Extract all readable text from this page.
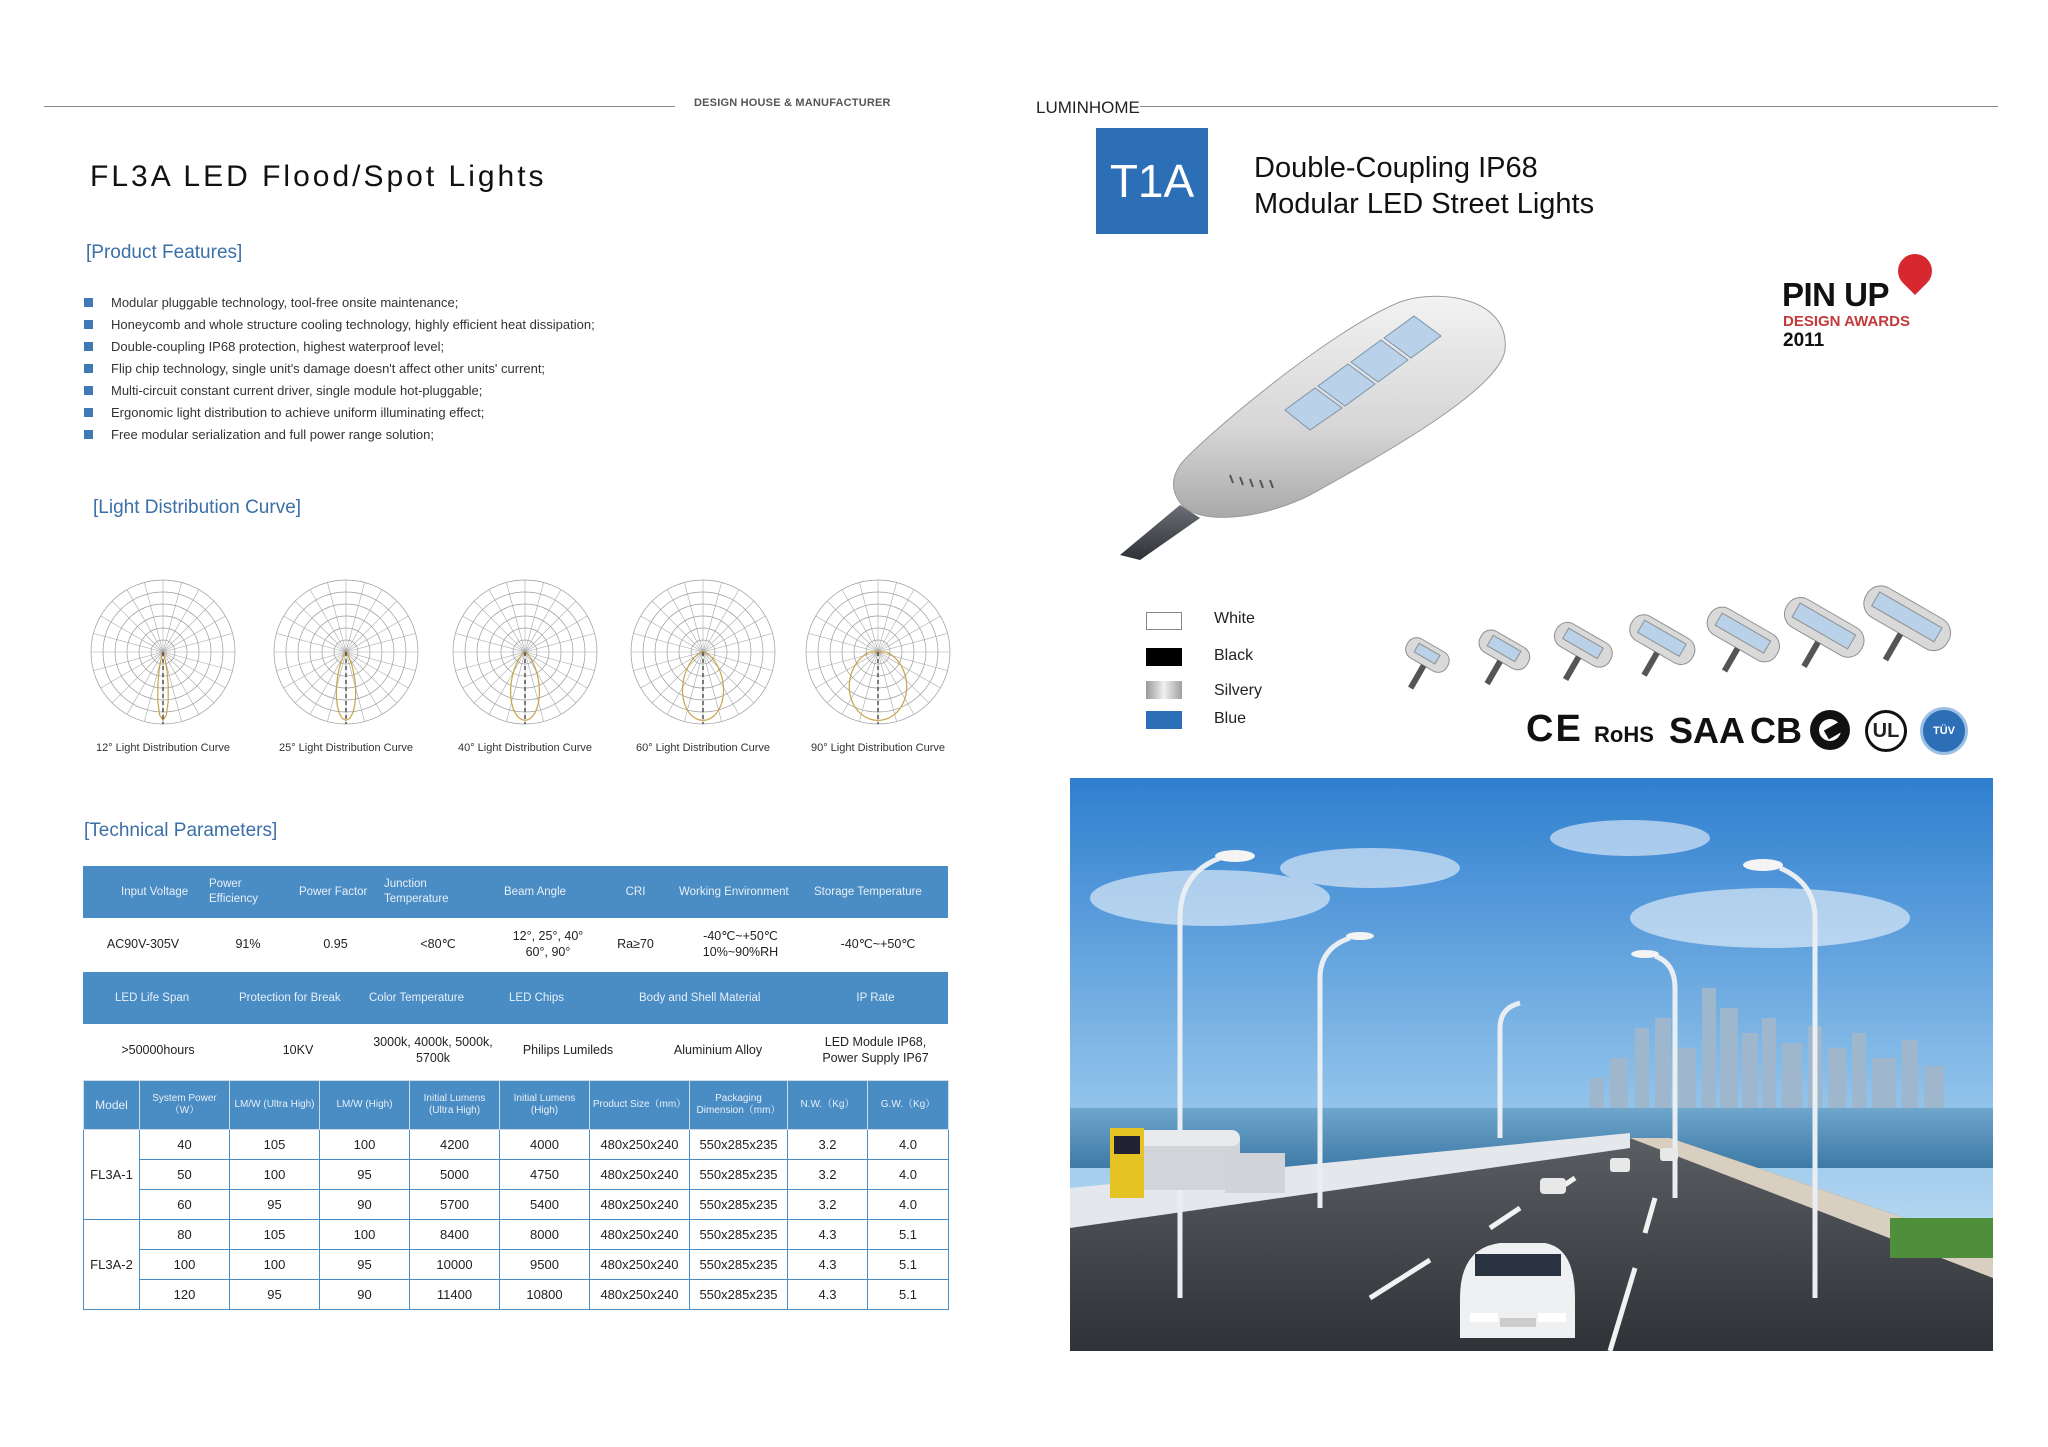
DESIGN HOUSE & MANUFACTURER
FL3A LED Flood/Spot Lights
[Product Features]
Modular pluggable technology, tool-free onsite maintenance;
Honeycomb and whole structure cooling technology, highly efficient heat dissipation;
Double-coupling IP68 protection, highest waterproof level;
Flip chip technology, single unit's damage doesn't affect other units' current;
Multi-circuit constant current driver, single module hot-pluggable;
Ergonomic light distribution to achieve uniform illuminating effect;
Free modular serialization and full power range solution;
[Light Distribution Curve]
12° Light Distribution Curve	25° Light Distribution Curve	40° Light Distribution Curve	60° Light Distribution Curve	90° Light Distribution Curve
[Technical Parameters]
Input Voltage	Power Efficiency	Power Factor	Junction Temperature	Beam Angle	CRI	Working Environment	Storage Temperature
AC90V-305V	91%	0.95	<80℃	12°, 25°, 40° 60°, 90°	Ra≥70	-40℃~+50℃ 10%~90%RH	-40℃~+50℃
LED Life Span	Protection for Break	Color Temperature	LED Chips	Body and Shell Material	IP Rate
>50000hours	10KV	3000k, 4000k, 5000k, 5700k	Philips Lumileds	Aluminium Alloy	LED Module IP68, Power Supply IP67
Model	System Power（W）	LM/W (Ultra High)	LM/W (High)	Initial Lumens (Ultra High)	Initial Lumens (High)	Product Size（mm）	Packaging Dimension（mm）	N.W.（Kg）	G.W.（Kg）
FL3A-1	40	105	100	4200	4000	480x250x240	550x285x235	3.2	4.0
	50	100	95	5000	4750	480x250x240	550x285x235	3.2	4.0
	60	95	90	5700	5400	480x250x240	550x285x235	3.2	4.0
FL3A-2	80	105	100	8400	8000	480x250x240	550x285x235	4.3	5.1
	100	100	95	10000	9500	480x250x240	550x285x235	4.3	5.1
	120	95	90	11400	10800	480x250x240	550x285x235	4.3	5.1
LUMINHOME
T1A	Double-Coupling IP68
Modular LED Street Lights
PIN UP
DESIGN AWARDS
2011
White
Black
Silvery
Blue	CE RoHS SAA CB	UL	TÜV
